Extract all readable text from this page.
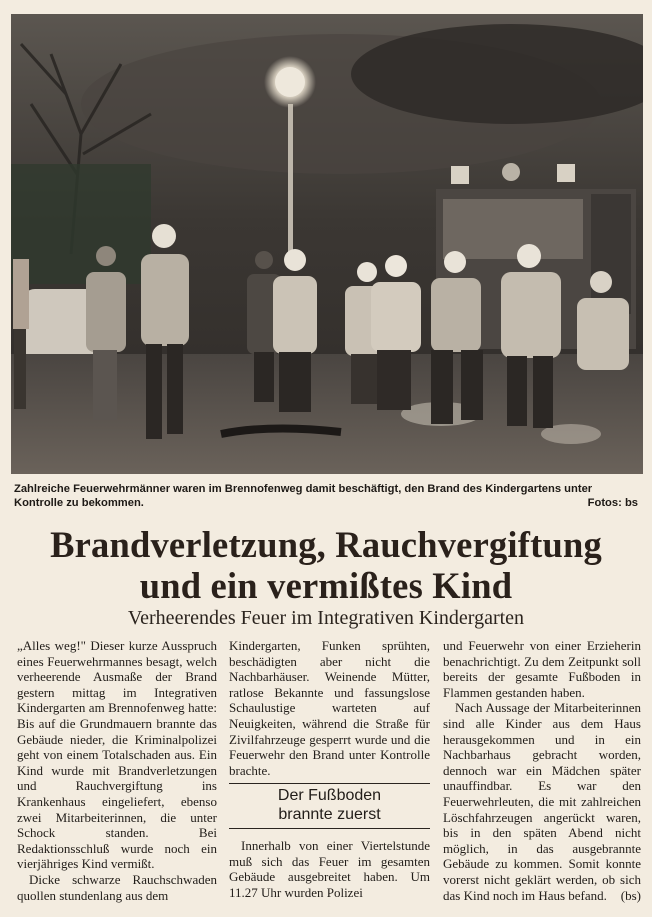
Zahlreiche Feuerwehrmänner waren im Brennofenweg damit beschäftigt, den Brand des Kindergartens unter Kontrolle zu bekommen.	Fotos: bs
Brandverletzung, Rauchvergiftung
und ein vermißtes Kind
Verheerendes Feuer im Integrativen Kindergarten

„Alles weg!" Dieser kurze Ausspruch eines Feuerwehrmannes besagt, welch verheerende Ausmaße der Brand gestern mittag im Integrativen Kindergarten am Brennofenweg hatte: Bis auf die Grundmauern brannte das Gebäude nieder, die Kriminalpolizei geht von einem Totalschaden aus. Ein Kind wurde mit Brandverletzungen und Rauchvergiftung ins Krankenhaus eingeliefert, ebenso zwei Mitarbeiterinnen, die unter Schock standen. Bei Redaktionsschluß wurde noch ein vierjähriges Kind vermißt.

Dicke schwarze Rauchschwaden quollen stundenlang aus dem

Kindergarten, Funken sprühten, beschädigten aber nicht die Nachbarhäuser. Weinende Mütter, ratlose Bekannte und fassungslose Schaulustige warteten auf Neuigkeiten, während die Straße für Zivilfahrzeuge gesperrt wurde und die Feuerwehr den Brand unter Kontrolle brachte.

Der Fußboden
brannte zuerst

Innerhalb von einer Viertelstunde muß sich das Feuer im gesamten Gebäude ausgebreitet haben. Um 11.27 Uhr wurden Polizei

und Feuerwehr von einer Erzieherin benachrichtigt. Zu dem Zeitpunkt soll bereits der gesamte Fußboden in Flammen gestanden haben.

Nach Aussage der Mitarbeiterinnen sind alle Kinder aus dem Haus herausgekommen und in ein Nachbarhaus gebracht worden, dennoch war ein Mädchen später unauffindbar. Es war den Feuerwehrleuten, die mit zahlreichen Löschfahrzeugen angerückt waren, bis in den späten Abend nicht möglich, in das ausgebrannte Gebäude zu kommen. Somit konnte vorerst nicht geklärt werden, ob sich das Kind noch im Haus befand.	(bs)
